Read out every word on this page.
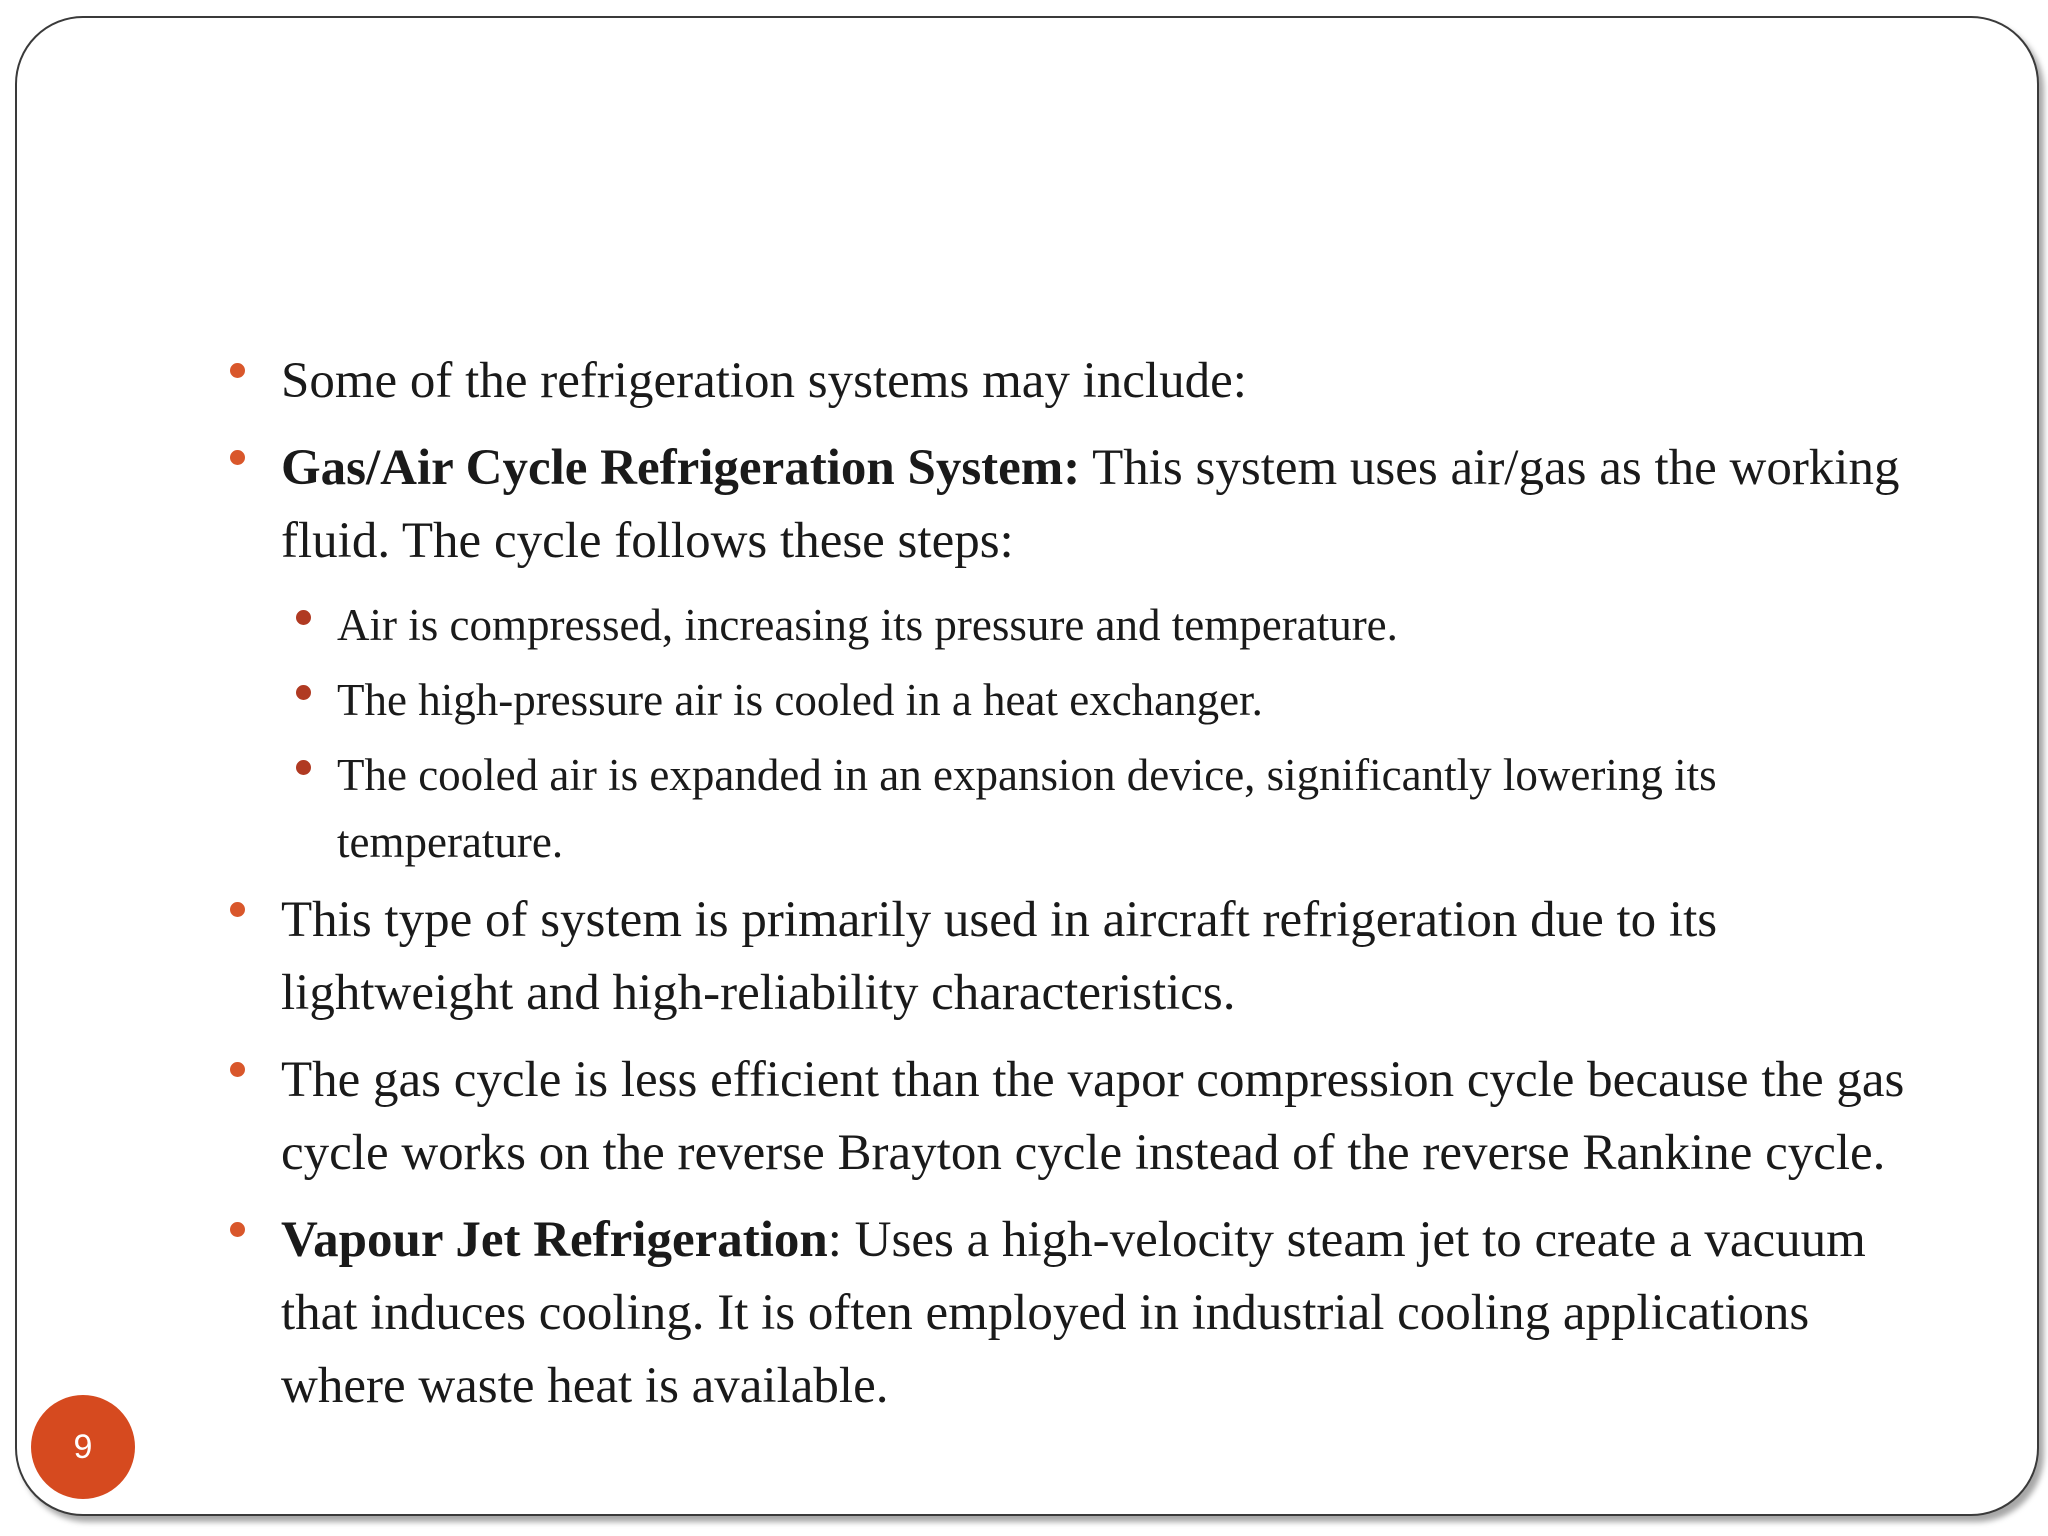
Some of the refrigeration systems may include:
Gas/Air Cycle Refrigeration System: This system uses air/gas as the working fluid. The cycle follows these steps:
Air is compressed, increasing its pressure and temperature.
The high-pressure air is cooled in a heat exchanger.
The cooled air is expanded in an expansion device, significantly lowering its temperature.
This type of system is primarily used in aircraft refrigeration due to its lightweight and high-reliability characteristics.
The gas cycle is less efficient than the vapor compression cycle because the gas cycle works on the reverse Brayton cycle instead of the reverse Rankine cycle.
Vapour Jet Refrigeration: Uses a high-velocity steam jet to create a vacuum that induces cooling. It is often employed in industrial cooling applications where waste heat is available.
9
